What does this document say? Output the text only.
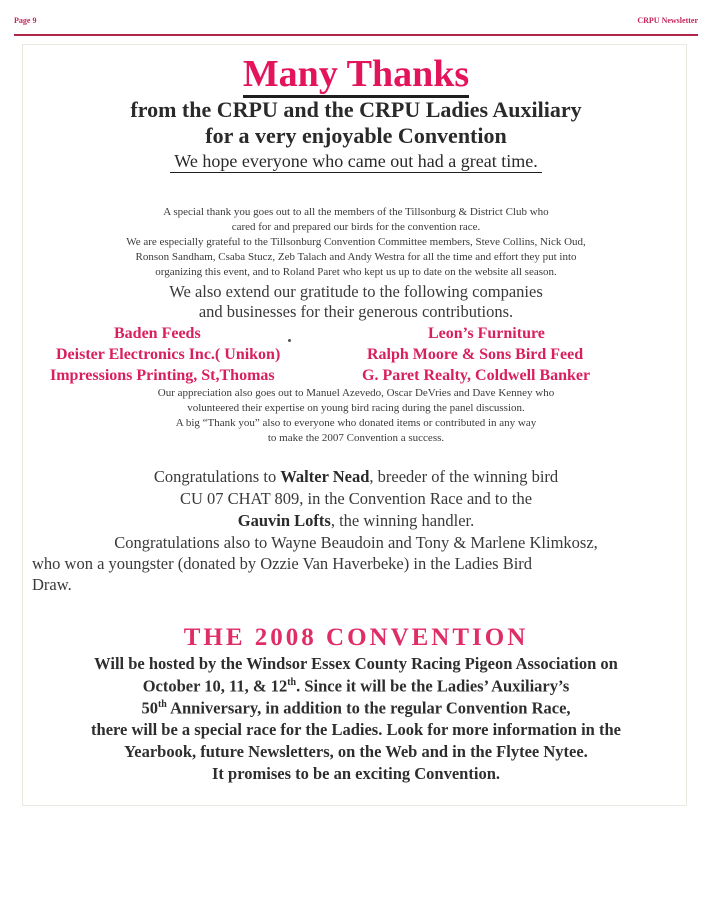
Page 9	CRPU Newsletter
Many Thanks
from the CRPU and the CRPU Ladies Auxiliary
for a very enjoyable Convention
We hope everyone who came out had a great time.
A special thank you goes out to all the members of the Tillsonburg & District Club who
cared for and prepared our birds for the convention race.
We are especially grateful to the Tillsonburg Convention Committee members, Steve Collins, Nick Oud,
Ronson Sandham, Csaba Stucz, Zeb Talach and Andy Westra for all the time and effort they put into
organizing this event, and to Roland Paret who kept us up to date on the website all season.
We also extend our gratitude to the following companies
and businesses for their generous contributions.
Baden Feeds	Leon’s Furniture
Deister Electronics Inc.( Unikon)	Ralph Moore & Sons Bird Feed
Impressions Printing, St,Thomas	G. Paret Realty, Coldwell Banker
Our appreciation also goes out to Manuel Azevedo, Oscar DeVries and Dave Kenney who
volunteered their expertise on young bird racing during the panel discussion.
A big “Thank you” also to everyone who donated items or contributed in any way
to make the 2007 Convention a success.
Congratulations to Walter Nead, breeder of the winning bird
CU 07 CHAT 809, in the Convention Race and to the
Gauvin Lofts, the winning handler.
Congratulations also to Wayne Beaudoin and Tony & Marlene Klimkosz,
who won a youngster (donated by Ozzie Van Haverbeke) in the Ladies Bird
Draw.
THE 2008 CONVENTION
Will be hosted by the Windsor Essex County Racing Pigeon Association on
October 10, 11, & 12th. Since it will be the Ladies’ Auxiliary’s
50th Anniversary, in addition to the regular Convention Race,
there will be a special race for the Ladies. Look for more information in the
Yearbook, future Newsletters, on the Web and in the Flytee Nytee.
It promises to be an exciting Convention.
